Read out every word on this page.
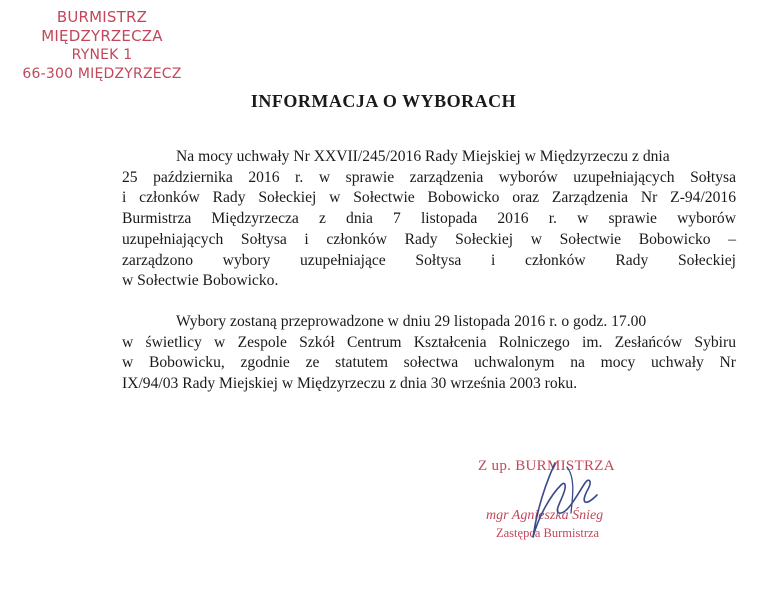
BURMISTRZ MIĘDZYRZECZA
RYNEK 1
66-300 MIĘDZYRZECZ
INFORMACJA O WYBORACH
Na mocy uchwały Nr XXVII/245/2016 Rady Miejskiej w Międzyrzeczu z dnia
25 października 2016 r. w sprawie zarządzenia wyborów uzupełniających Sołtysa
i członków Rady Sołeckiej w Sołectwie Bobowicko oraz Zarządzenia Nr Z-94/2016
Burmistrza Międzyrzecza z dnia 7 listopada 2016 r. w sprawie wyborów
uzupełniających Sołtysa i członków Rady Sołeckiej w Sołectwie Bobowicko –
zarządzono wybory uzupełniające Sołtysa i członków Rady Sołeckiej
w Sołectwie Bobowicko.
Wybory zostaną przeprowadzone w dniu 29 listopada 2016 r. o godz. 17.00
w świetlicy w Zespole Szkół Centrum Kształcenia Rolniczego im. Zesłańców Sybiru
w Bobowicku, zgodnie ze statutem sołectwa uchwalonym na mocy uchwały Nr
IX/94/03 Rady Miejskiej w Międzyrzeczu z dnia 30 września 2003 roku.
Z up. BURMISTRZA
mgr Agnieszka Śnieg
Zastępca Burmistrza
